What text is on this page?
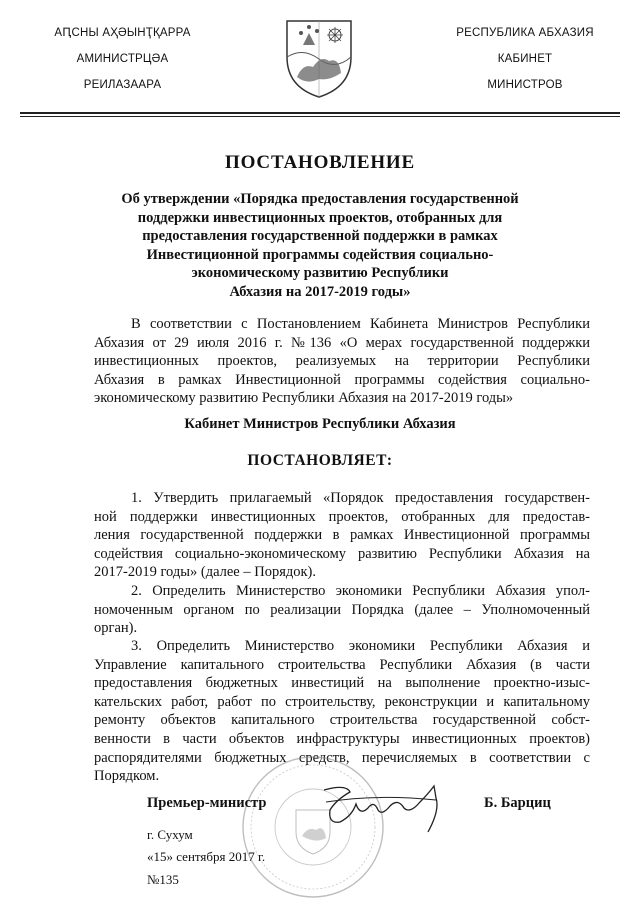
АԤСНЫ АҲӘЫНҬҚАРРА
АМИНИСТРЦӘА
РЕИЛАЗААРА
РЕСПУБЛИКА АБХАЗИЯ
КАБИНЕТ
МИНИСТРОВ
ПОСТАНОВЛЕНИЕ
Об утверждении «Порядка предоставления государственной
поддержки инвестиционных проектов, отобранных для
предоставления государственной поддержки в рамках
Инвестиционной программы содействия социально-
экономическому развитию Республики
Абхазия на 2017-2019 годы»
В соответствии с Постановлением Кабинета Министров Республики
Абхазия от 29 июля 2016 г. №136 «О мерах государственной поддержки
инвестиционных проектов, реализуемых на территории Республики
Абхазия в рамках Инвестиционной программы содействия социально-
экономическому развитию Республики Абхазия на 2017-2019 годы»
Кабинет Министров Республики Абхазия
ПОСТАНОВЛЯЕТ:
1. Утвердить прилагаемый «Порядок предоставления государствен-
ной поддержки инвестиционных проектов, отобранных для предостав-
ления государственной поддержки в рамках Инвестиционной программы
содействия социально-экономическому развитию Республики Абхазия на
2017-2019 годы» (далее – Порядок).
2. Определить Министерство экономики Республики Абхазия упол-
номоченным органом по реализации Порядка (далее – Уполномоченный
орган).
3. Определить Министерство экономики Республики Абхазия и
Управление капитального строительства Республики Абхазия (в части
предоставления бюджетных инвестиций на выполнение проектно-изыс-
кательских работ, работ по строительству, реконструкции и капитальному
ремонту объектов капитального строительства государственной собст-
венности в части объектов инфраструктуры инвестиционных проектов)
распорядителями бюджетных средств, перечисляемых в соответствии с
Порядком.
Премьер-министр	Б. Барциц
г. Сухум
«15» сентября 2017 г.
№135
